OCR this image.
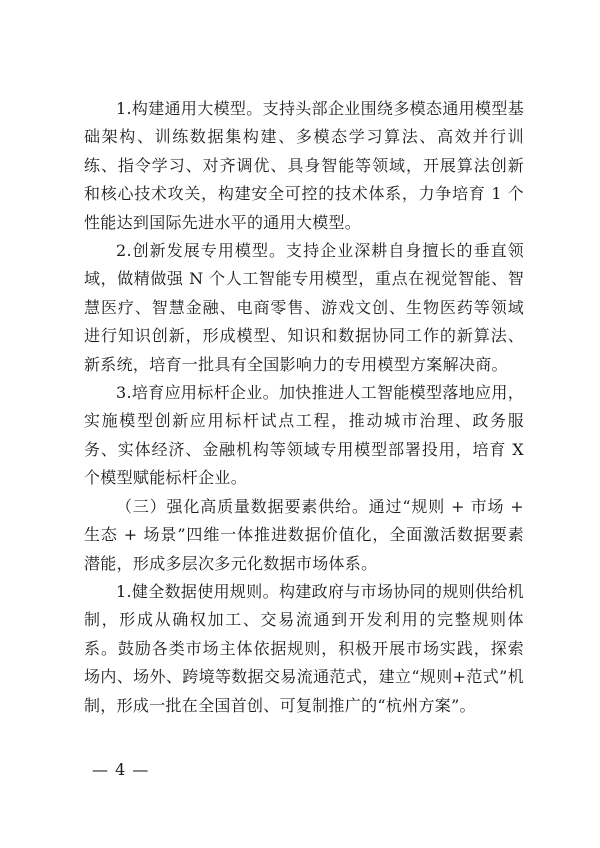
1.构建通用大模型。支持头部企业围绕多模态通用模型基础架构、训练数据集构建、多模态学习算法、高效并行训练、指令学习、对齐调优、具身智能等领域，开展算法创新和核心技术攻关，构建安全可控的技术体系，力争培育 1 个性能达到国际先进水平的通用大模型。

2.创新发展专用模型。支持企业深耕自身擅长的垂直领域，做精做强 N 个人工智能专用模型，重点在视觉智能、智慧医疗、智慧金融、电商零售、游戏文创、生物医药等领域进行知识创新，形成模型、知识和数据协同工作的新算法、新系统，培育一批具有全国影响力的专用模型方案解决商。

3.培育应用标杆企业。加快推进人工智能模型落地应用，实施模型创新应用标杆试点工程，推动城市治理、政务服务、实体经济、金融机构等领域专用模型部署投用，培育 X 个模型赋能标杆企业。

（三）强化高质量数据要素供给。通过“规则 + 市场 + 生态 + 场景”四维一体推进数据价值化，全面激活数据要素潜能，形成多层次多元化数据市场体系。

1.健全数据使用规则。构建政府与市场协同的规则供给机制，形成从确权加工、交易流通到开发利用的完整规则体系。鼓励各类市场主体依据规则，积极开展市场实践，探索场内、场外、跨境等数据交易流通范式，建立“规则+范式”机制，形成一批在全国首创、可复制推广的“杭州方案”。

— 4 —
